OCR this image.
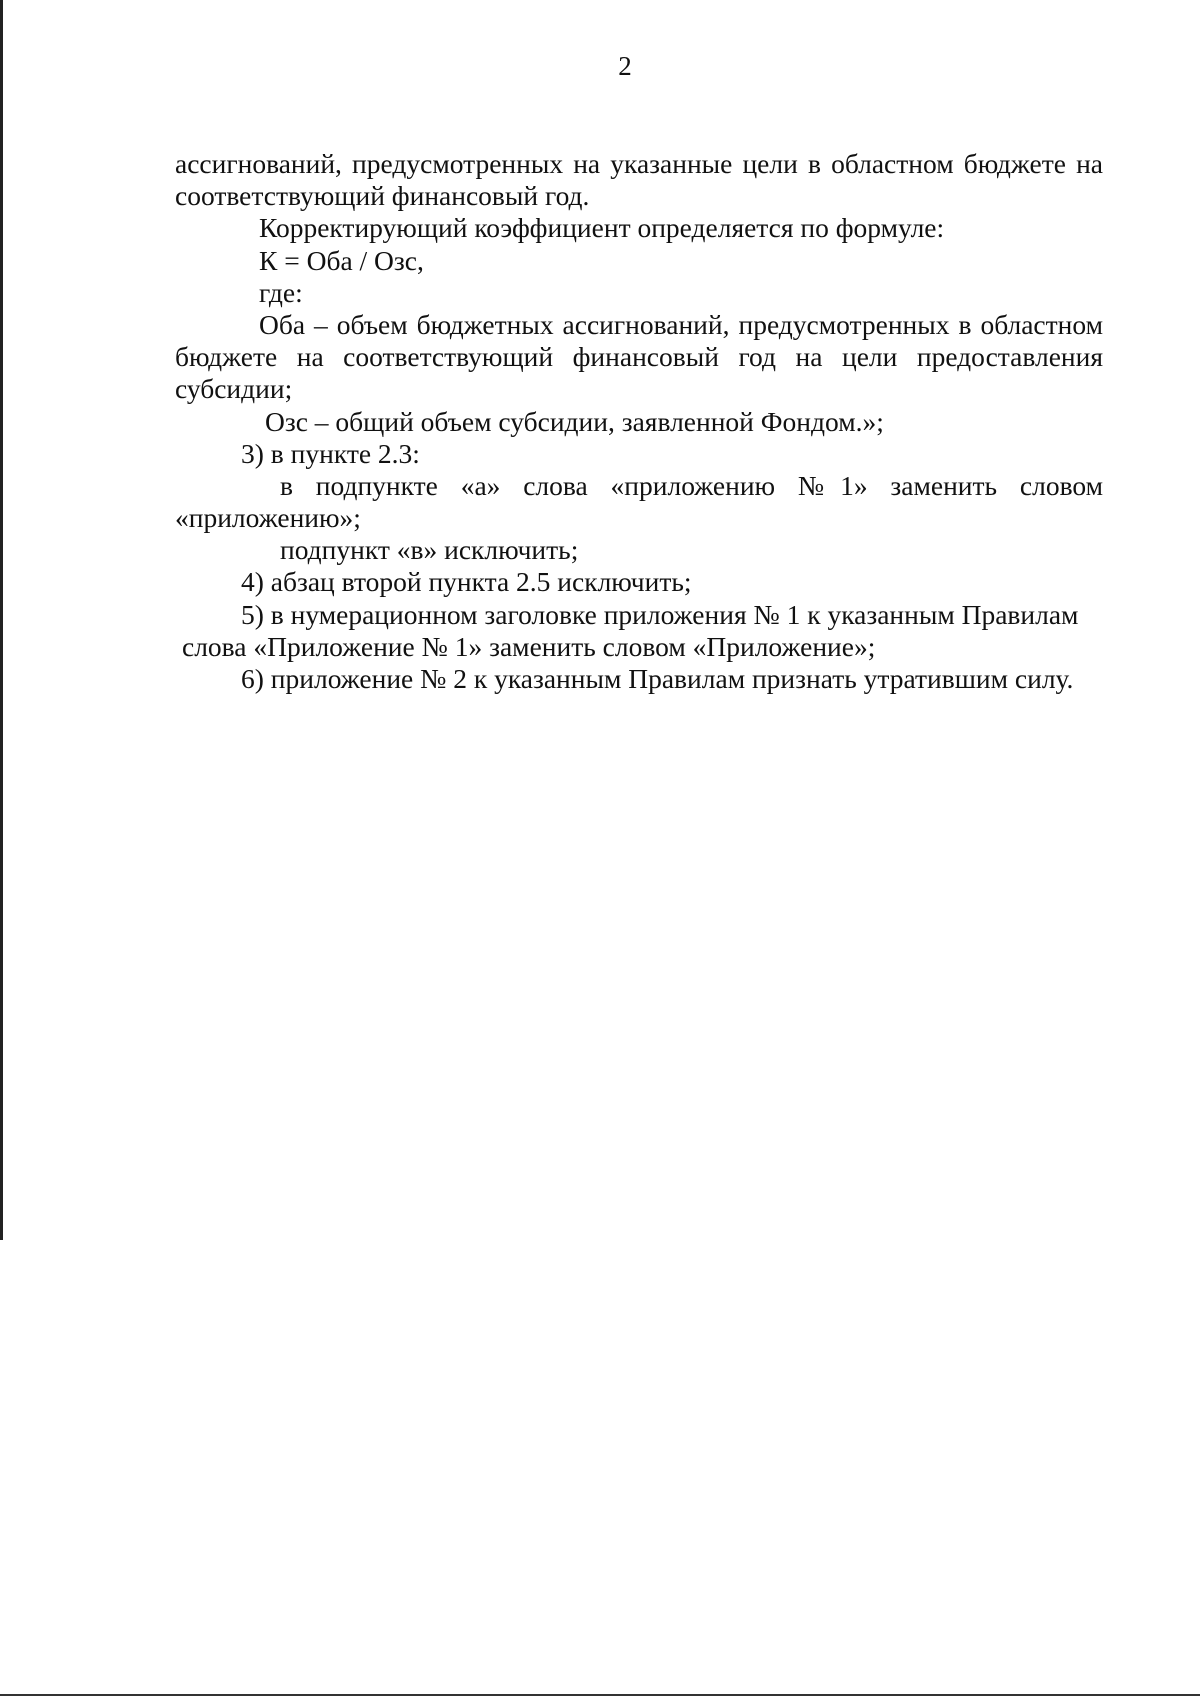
2
ассигнований, предусмотренных на указанные цели в областном бюджете на
соответствующий финансовый год.
Корректирующий коэффициент определяется по формуле:
К = Оба / Озс,
где:
Оба – объем бюджетных ассигнований, предусмотренных в областном
бюджете на соответствующий финансовый год на цели предоставления
субсидии;
Озс – общий объем субсидии, заявленной Фондом.»;
3) в пункте 2.3:
в подпункте «а» слова «приложению №1» заменить словом
«приложению»;
подпункт «в» исключить;
4) абзац второй пункта 2.5 исключить;
5) в нумерационном заголовке приложения № 1 к указанным Правилам
слова «Приложение № 1» заменить словом «Приложение»;
6) приложение № 2 к указанным Правилам признать утратившим силу.
